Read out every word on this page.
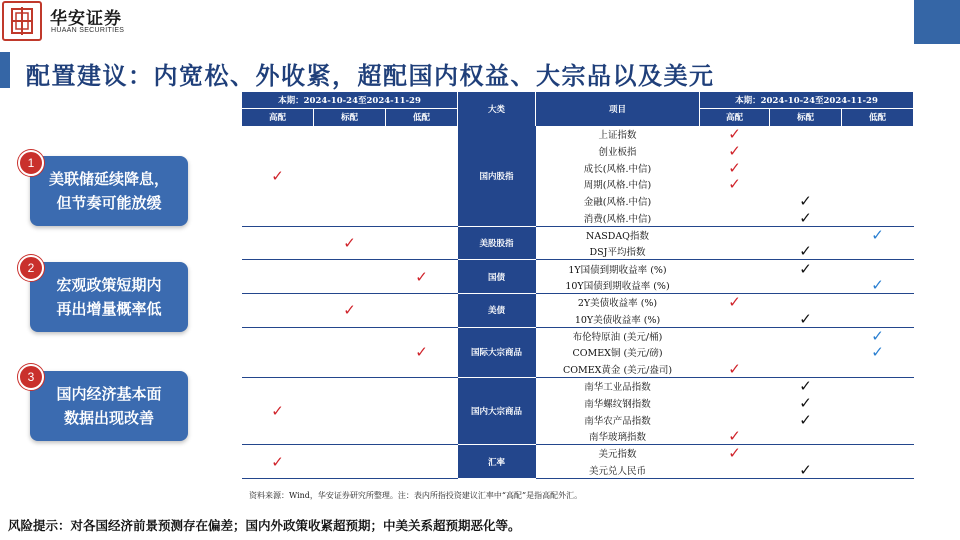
华安证券
HUAAN SECURITIES
配置建议：内宽松、外收紧，超配国内权益、大宗品以及美元
1
美联储延续降息，
但节奏可能放缓
2
宏观政策短期内
再出增量概率低
3
国内经济基本面
数据出现改善
本期：2024-10-24至2024-11-29			大类	项目	本期：2024-10-24至2024-11-29		
高配	标配	低配			高配	标配	低配
✓			国内股指	上证指数	✓		
				创业板指	✓		
				成长(风格.中信)	✓		
				周期(风格.中信)	✓		
				金融(风格.中信)		✓	
				消费(风格.中信)		✓	
	✓		美股股指	NASDAQ指数			✓
				DSJ平均指数		✓	
		✓	国债	1Y国债到期收益率 (%)		✓	
				10Y国债到期收益率 (%)			✓
	✓		美债	2Y美债收益率 (%)	✓		
				10Y美债收益率 (%)		✓	
		✓	国际大宗商品	布伦特原油 (美元/桶)			✓
				COMEX铜 (美元/磅)			✓
				COMEX黄金 (美元/盎司)	✓		
✓			国内大宗商品	南华工业品指数		✓	
				南华螺纹钢指数		✓	
				南华农产品指数		✓	
				南华玻璃指数	✓		
✓			汇率	美元指数	✓		
				美元兑人民币		✓	
资料来源：Wind，华安证券研究所整理。注：表内所指投资建议汇率中“高配”是指高配外汇。
风险提示：对各国经济前景预测存在偏差；国内外政策收紧超预期；中美关系超预期恶化等。
